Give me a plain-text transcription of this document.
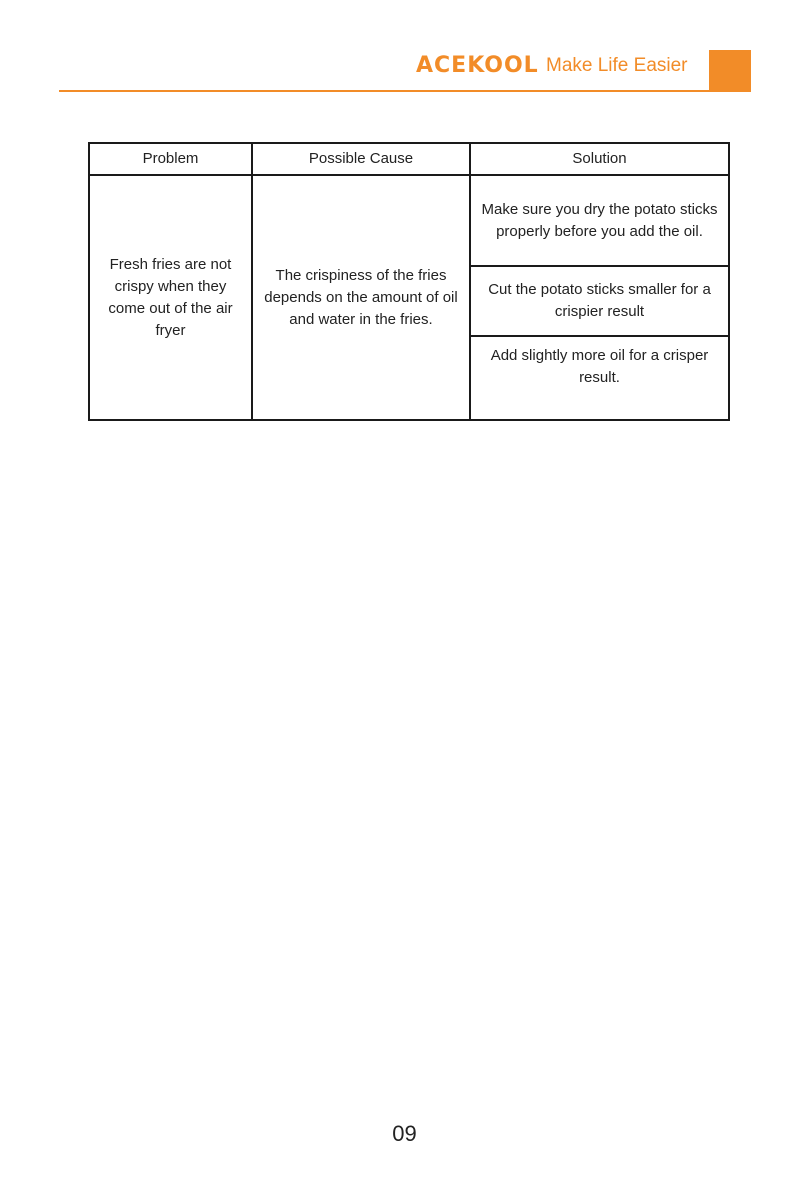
ACEKOOL Make Life Easier
Problem	Possible Cause	Solution
Fresh fries are not crispy when they come out of the air fryer	The crispiness of the fries depends on the amount of oil and water in the fries.	Make sure you dry the potato sticks properly before you add the oil.
		Cut the potato sticks smaller for a crispier result
		Add slightly more oil for a crisper result.
09
